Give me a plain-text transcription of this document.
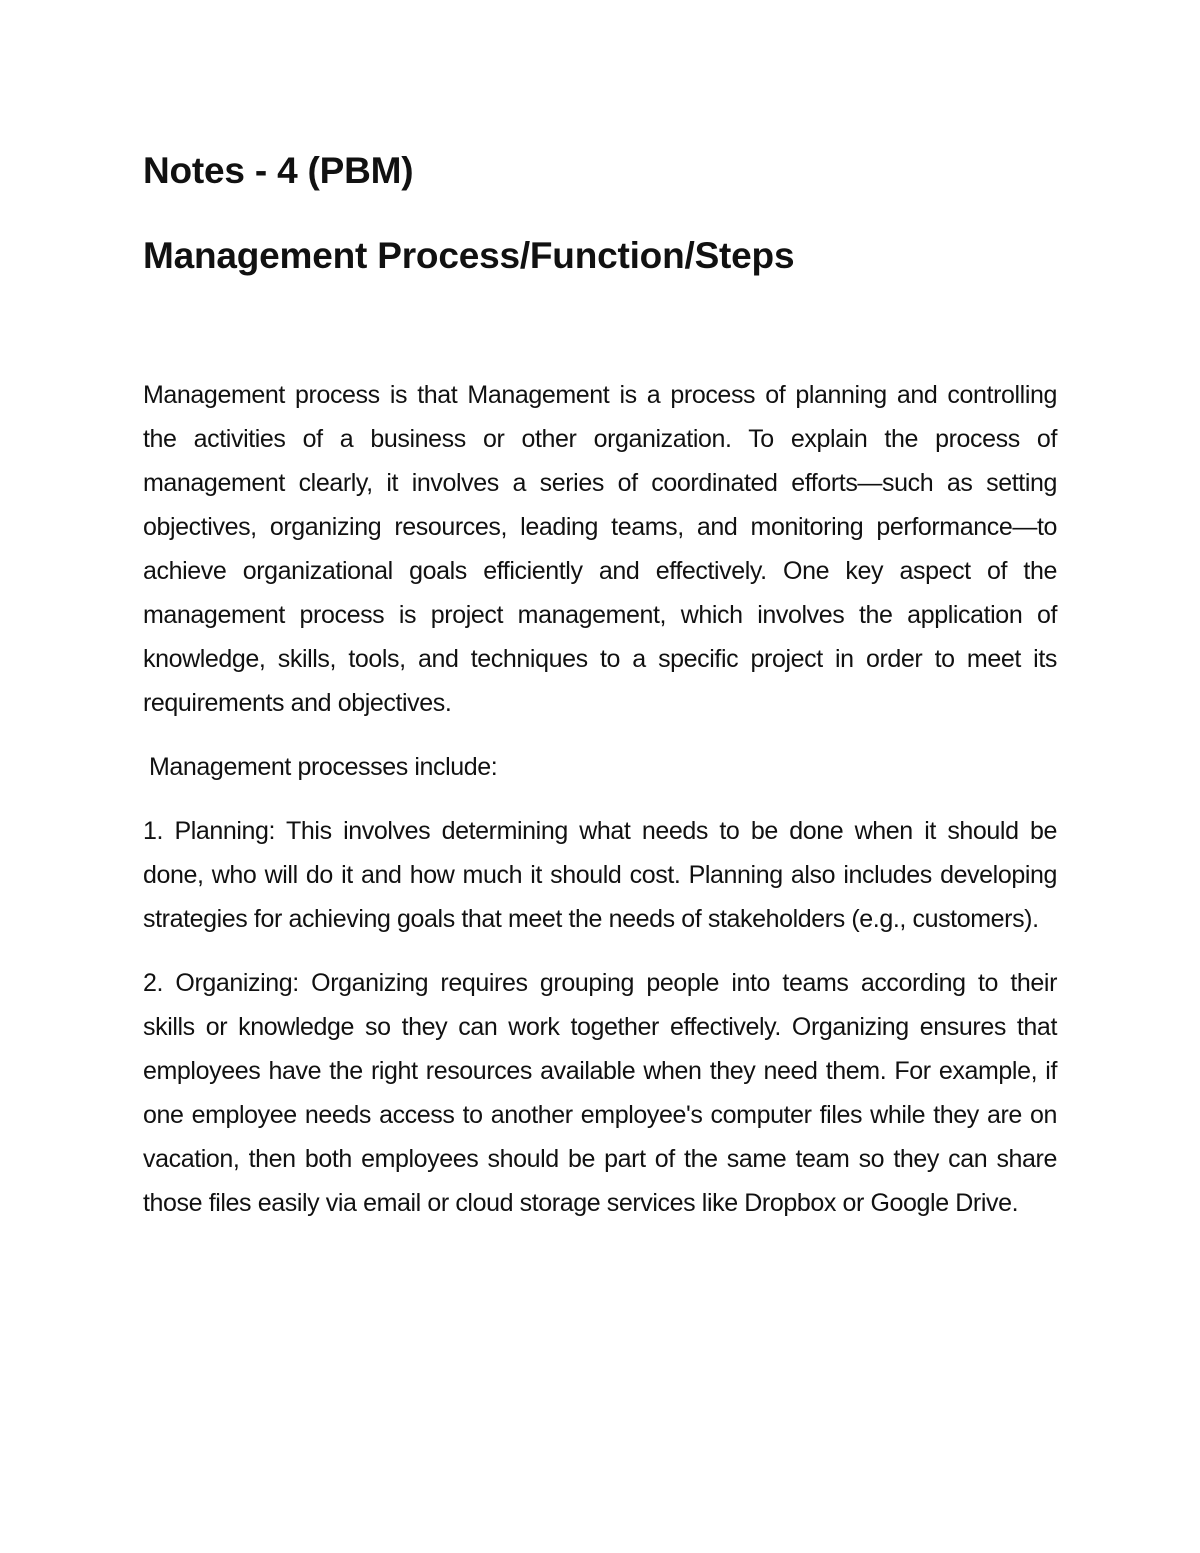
Notes - 4 (PBM)
Management Process/Function/Steps

Management process is that Management is a process of planning and controlling the activities of a business or other organization. To explain the process of management clearly, it involves a series of coordinated efforts—such as setting objectives, organizing resources, leading teams, and monitoring performance—to achieve organizational goals efficiently and effectively. One key aspect of the management process is project management, which involves the application of knowledge, skills, tools, and techniques to a specific project in order to meet its requirements and objectives.

Management processes include:

1. Planning: This involves determining what needs to be done when it should be done, who will do it and how much it should cost. Planning also includes developing strategies for achieving goals that meet the needs of stakeholders (e.g., customers).

2. Organizing: Organizing requires grouping people into teams according to their skills or knowledge so they can work together effectively. Organizing ensures that employees have the right resources available when they need them. For example, if one employee needs access to another employee's computer files while they are on vacation, then both employees should be part of the same team so they can share those files easily via email or cloud storage services like Dropbox or Google Drive.
